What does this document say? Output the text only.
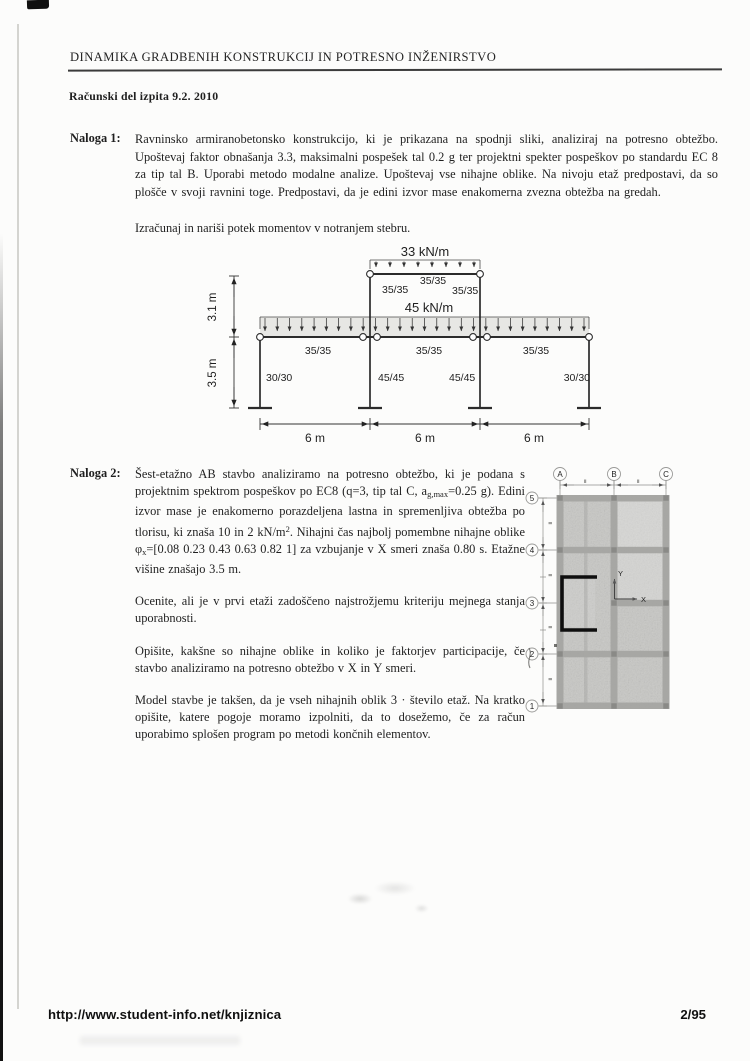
DINAMIKA GRADBENIH KONSTRUKCIJ IN POTRESNO INŽENIRSTVO
Računski del izpita 9.2. 2010
Naloga 1: Ravninsko armiranobetonsko konstrukcijo, ki je prikazana na spodnji sliki, analiziraj na potresno obtežbo. Upoštevaj faktor obnašanja 3.3, maksimalni pospešek tal 0.2 g ter projektni spekter pospeškov po standardu EC 8 za tip tal B. Uporabi metodo modalne analize. Upoštevaj vse nihajne oblike. Na nivoju etaž predpostavi, da so plošče v svoji ravnini toge. Predpostavi, da je edini izvor mase enakomerna zvezna obtežba na gredah.

Izračunaj in nariši potek momentov v notranjem stebru.
33 kN/m
45 kN/m
35/35
35/35
35/35
35/35	35/35	35/35
30/30	45/45	45/45	30/30
3.1 m
3.5 m
6 m	6 m	6 m
Naloga 2: Šest-etažno AB stavbo analiziramo na potresno obtežbo, ki je podana s projektnim spektrom pospeškov po EC8 (q=3, tip tal C, $a_{g,max}=0.25$ g). Edini izvor mase je enakomerno porazdeljena lastna in spremenljiva obtežba po tlorisu, ki znaša 10 in 2 $kN/m^2$. Nihajni čas najbolj pomembne nihajne oblike $\varphi_x=[0.08$ 0.23 0.43 0.63 0.82 1] za vzbujanje v X smeri znaša 0.80 s. Etažne višine znašajo 3.5 m.

Ocenite, ali je v prvi etaži zadoščeno najstrožjemu kriteriju mejnega stanja uporabnosti.

Opišite, kakšne so nihajne oblike in koliko je faktorjev participacije, če stavbo analiziramo na potresno obtežbo v X in Y smeri.

Model stavbe je takšen, da je vseh nihajnih oblik 3 · število etaž. Na kratko opišite, katere pogoje moramo izpolniti, da to dosežemo, če za račun uporabimo splošen program po metodi končnih elementov.

A	B	C
5
4
3
2
1
Y
X
http://www.student-info.net/knjiznica	2/95
